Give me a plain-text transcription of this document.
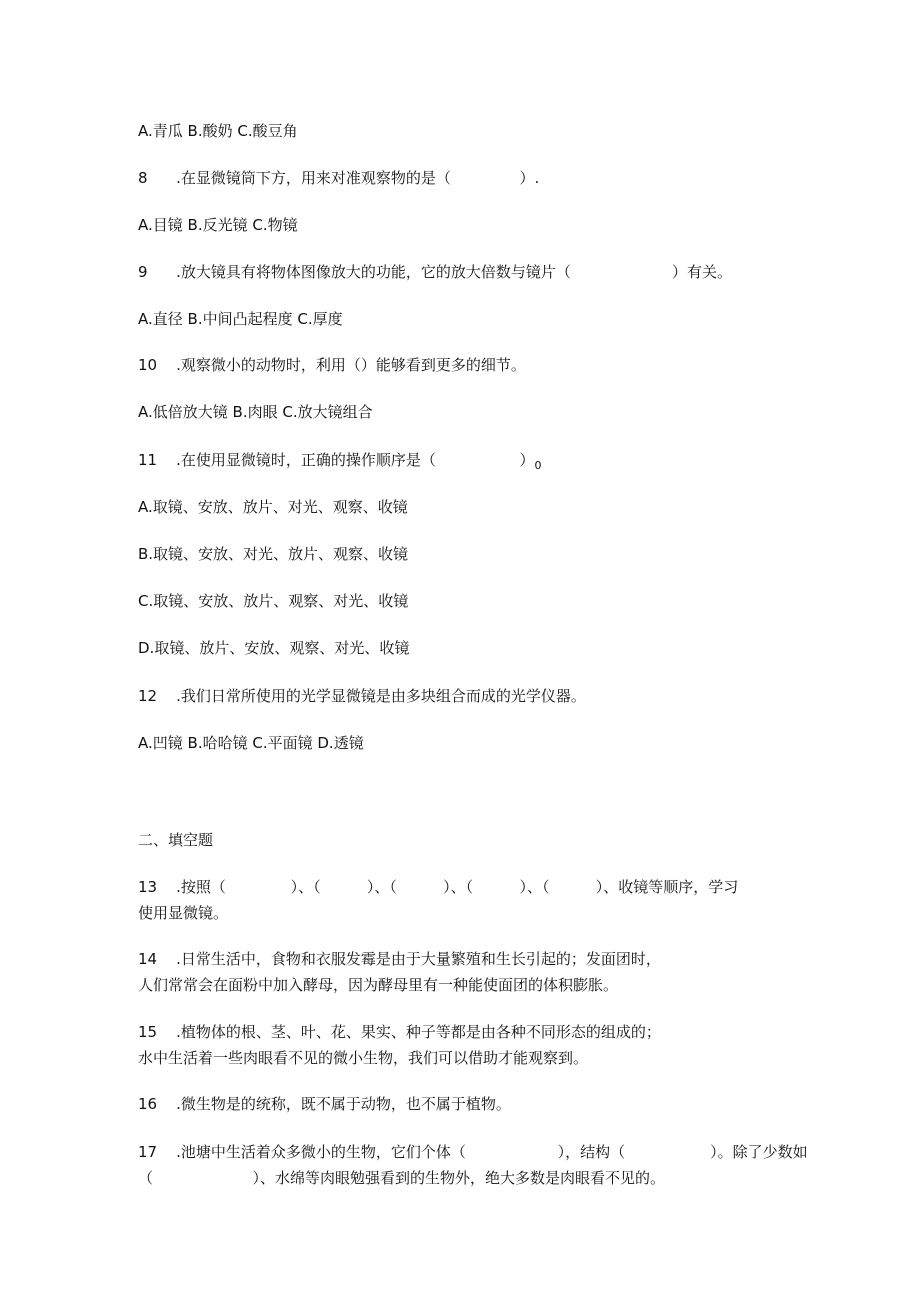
A.青瓜 B.酸奶 C.酸豆角
8	.在显微镜筒下方，用来对准观察物的是（		）.
A.目镜 B.反光镜 C.物镜
9	.放大镜具有将物体图像放大的功能，它的放大倍数与镜片（			）有关。
A.直径 B.中间凸起程度 C.厚度
10	.观察微小的动物时，利用（）能够看到更多的细节。
A.低倍放大镜 B.肉眼 C.放大镜组合
11	.在使用显微镜时，正确的操作顺序是（			）$_0$
A.取镜、安放、放片、对光、观察、收镜
B.取镜、安放、对光、放片、观察、收镜
C.取镜、安放、放片、观察、对光、收镜
D.取镜、放片、安放、观察、对光、收镜
12	.我们日常所使用的光学显微镜是由多块组合而成的光学仪器。
A.凹镜 B.哈哈镜 C.平面镜 D.透镜
二、填空题
13	.按照（		）、（		）、（		）、（		）、（		）、收镜等顺序，学习
使用显微镜。
14	.日常生活中，食物和衣服发霉是由于大量繁殖和生长引起的；发面团时，
人们常常会在面粉中加入酵母，因为酵母里有一种能使面团的体积膨胀。
15	.植物体的根、茎、叶、花、果实、种子等都是由各种不同形态的组成的；
水中生活着一些肉眼看不见的微小生物，我们可以借助才能观察到。
16	.微生物是的统称，既不属于动物，也不属于植物。
17	.池塘中生活着众多微小的生物，它们个体（			），结构（			）。除了少数如
（			）、水绵等肉眼勉强看到的生物外，绝大多数是肉眼看不见的。
